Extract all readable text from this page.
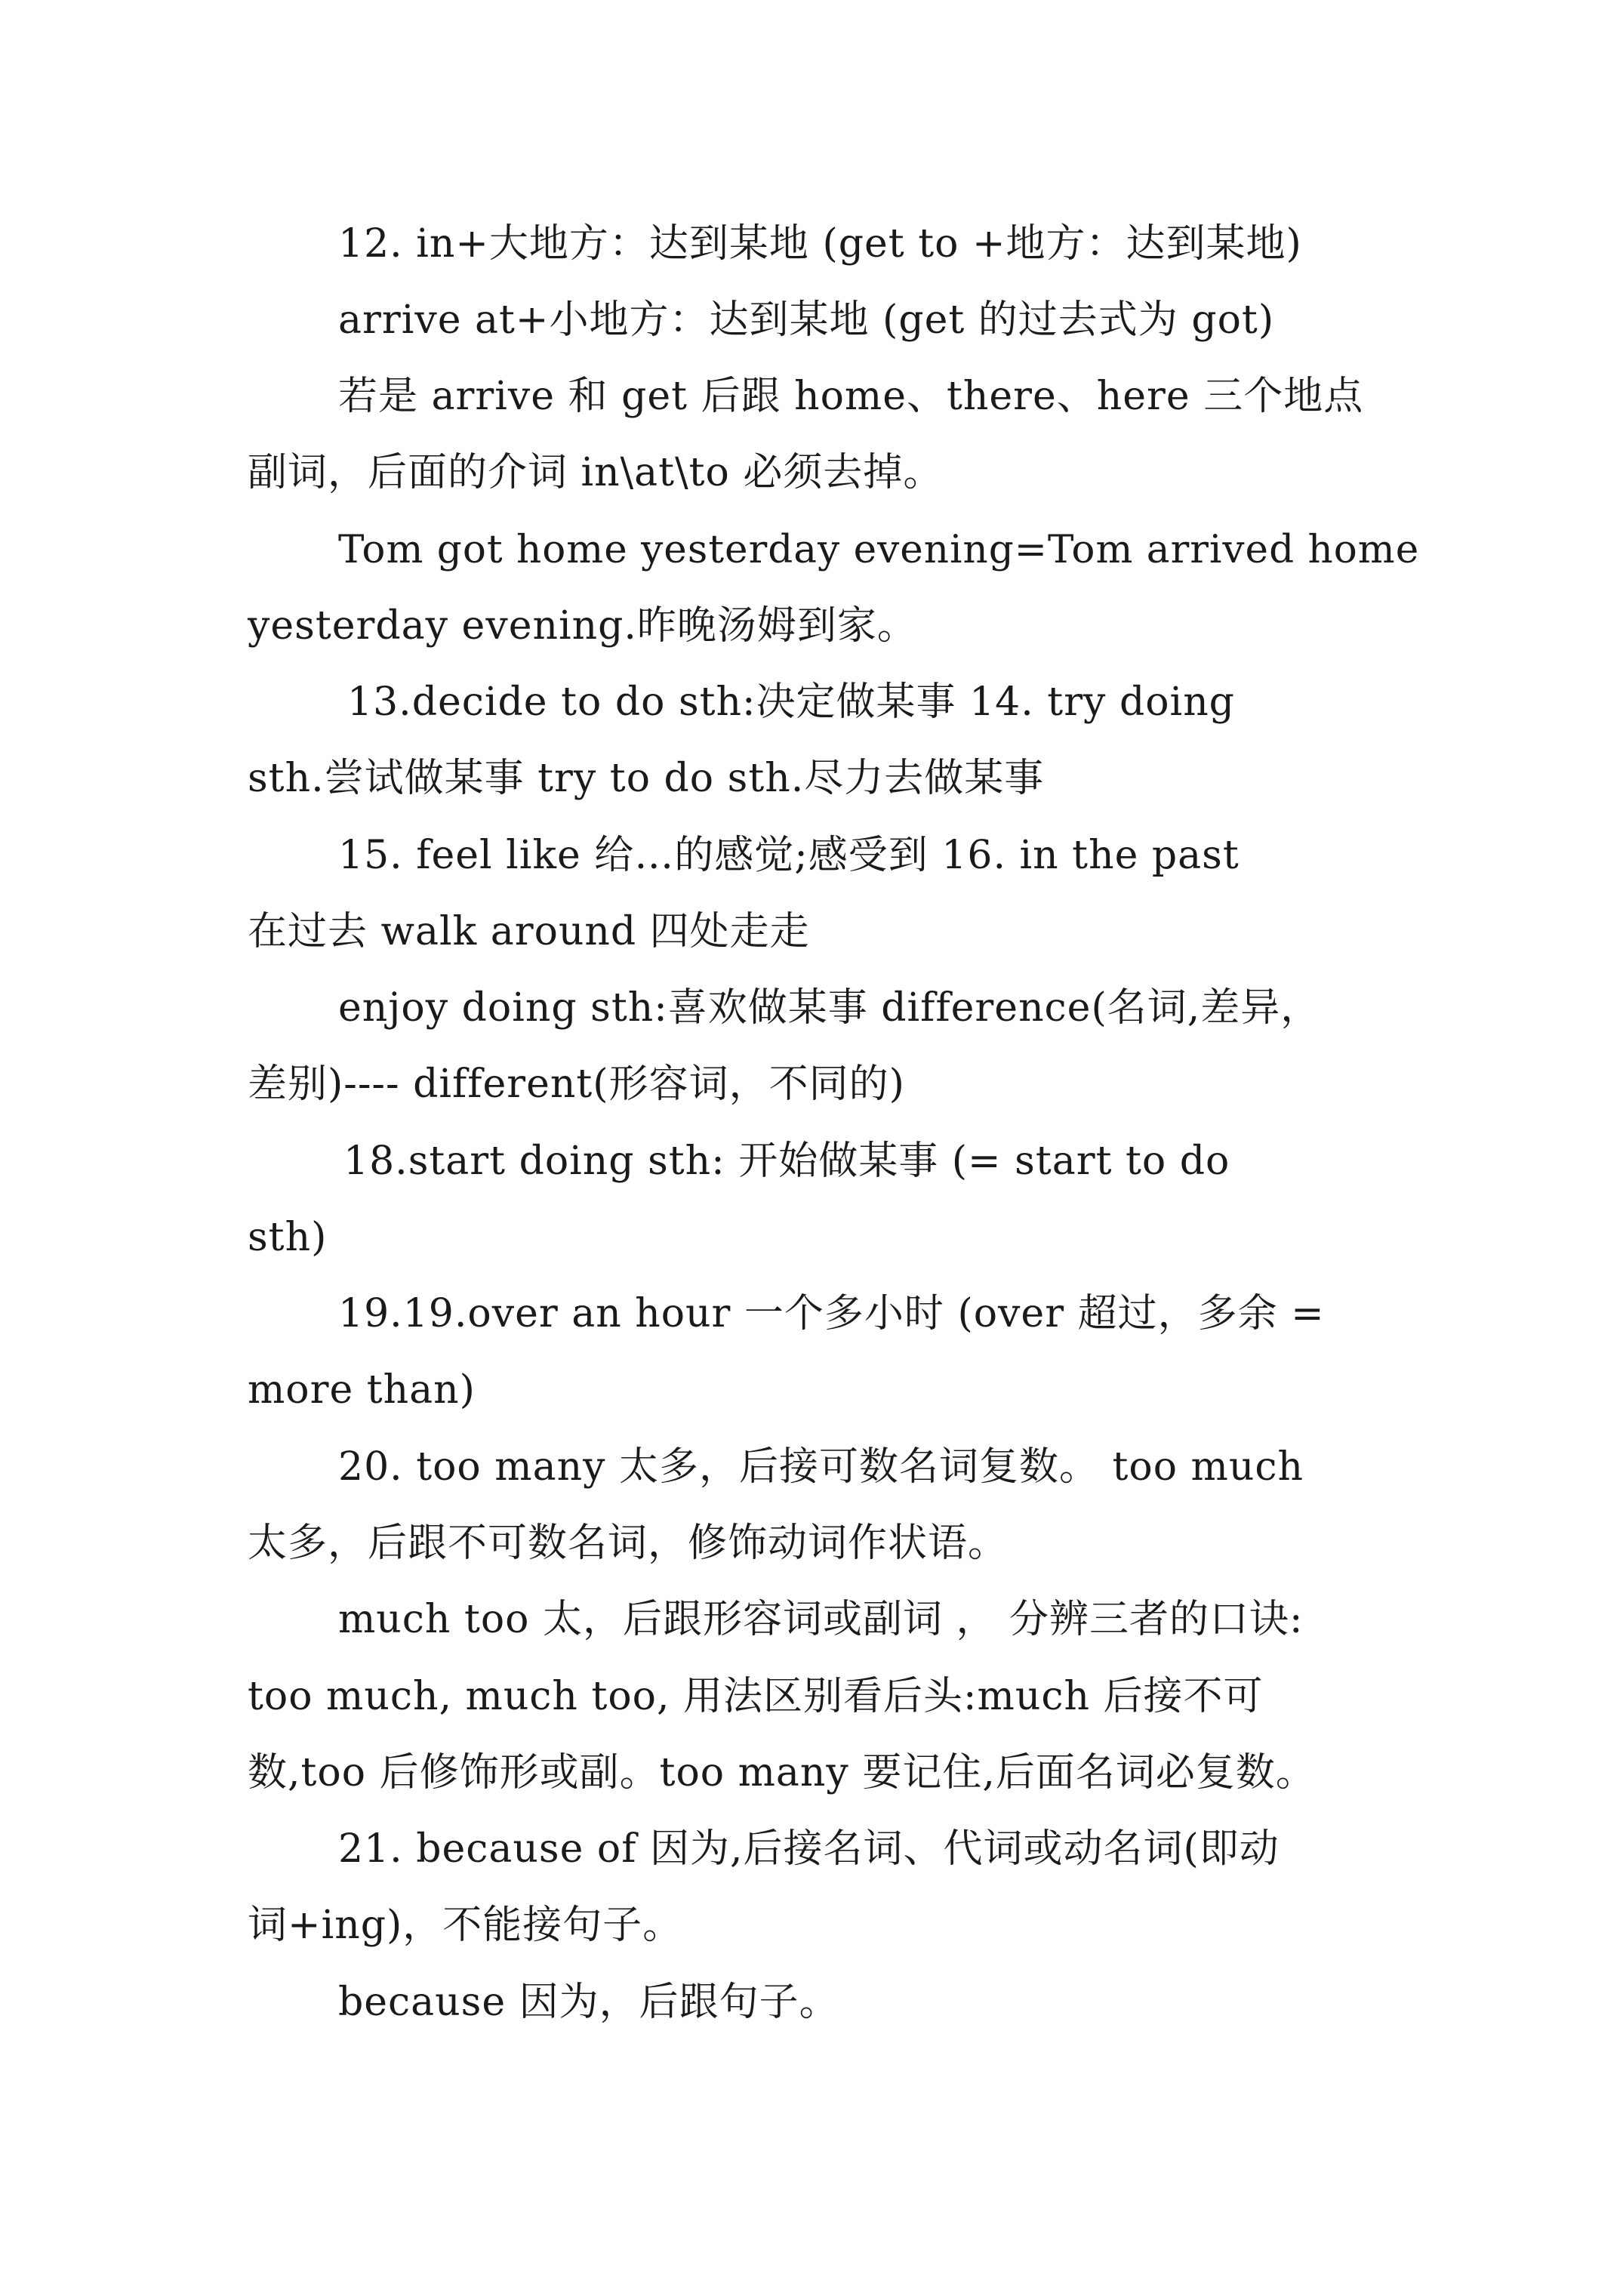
12. in+大地方：达到某地 (get to +地方：达到某地)
arrive at+小地方：达到某地 (get 的过去式为 got)
若是 arrive 和 get 后跟 home、there、here 三个地点
副词，后面的介词 in\at\to 必须去掉。
Tom got home yesterday evening=Tom arrived home
yesterday evening.昨晚汤姆到家。
13.decide to do sth:决定做某事 14. try doing
sth.尝试做某事 try to do sth.尽力去做某事
15. feel like 给…的感觉;感受到 16. in the past
在过去 walk around 四处走走
enjoy doing sth:喜欢做某事 difference(名词,差异，
差别)---- different(形容词，不同的)
18.start doing sth: 开始做某事 (= start to do
sth)
19.19.over an hour 一个多小时 (over 超过，多余 =
more than)
20. too many 太多，后接可数名词复数。 too much
太多，后跟不可数名词，修饰动词作状语。
much too 太，后跟形容词或副词 ， 分辨三者的口诀:
too much, much too, 用法区别看后头:much 后接不可
数,too 后修饰形或副。too many 要记住,后面名词必复数。
21. because of 因为,后接名词、代词或动名词(即动
词+ing)，不能接句子。
because 因为，后跟句子。
